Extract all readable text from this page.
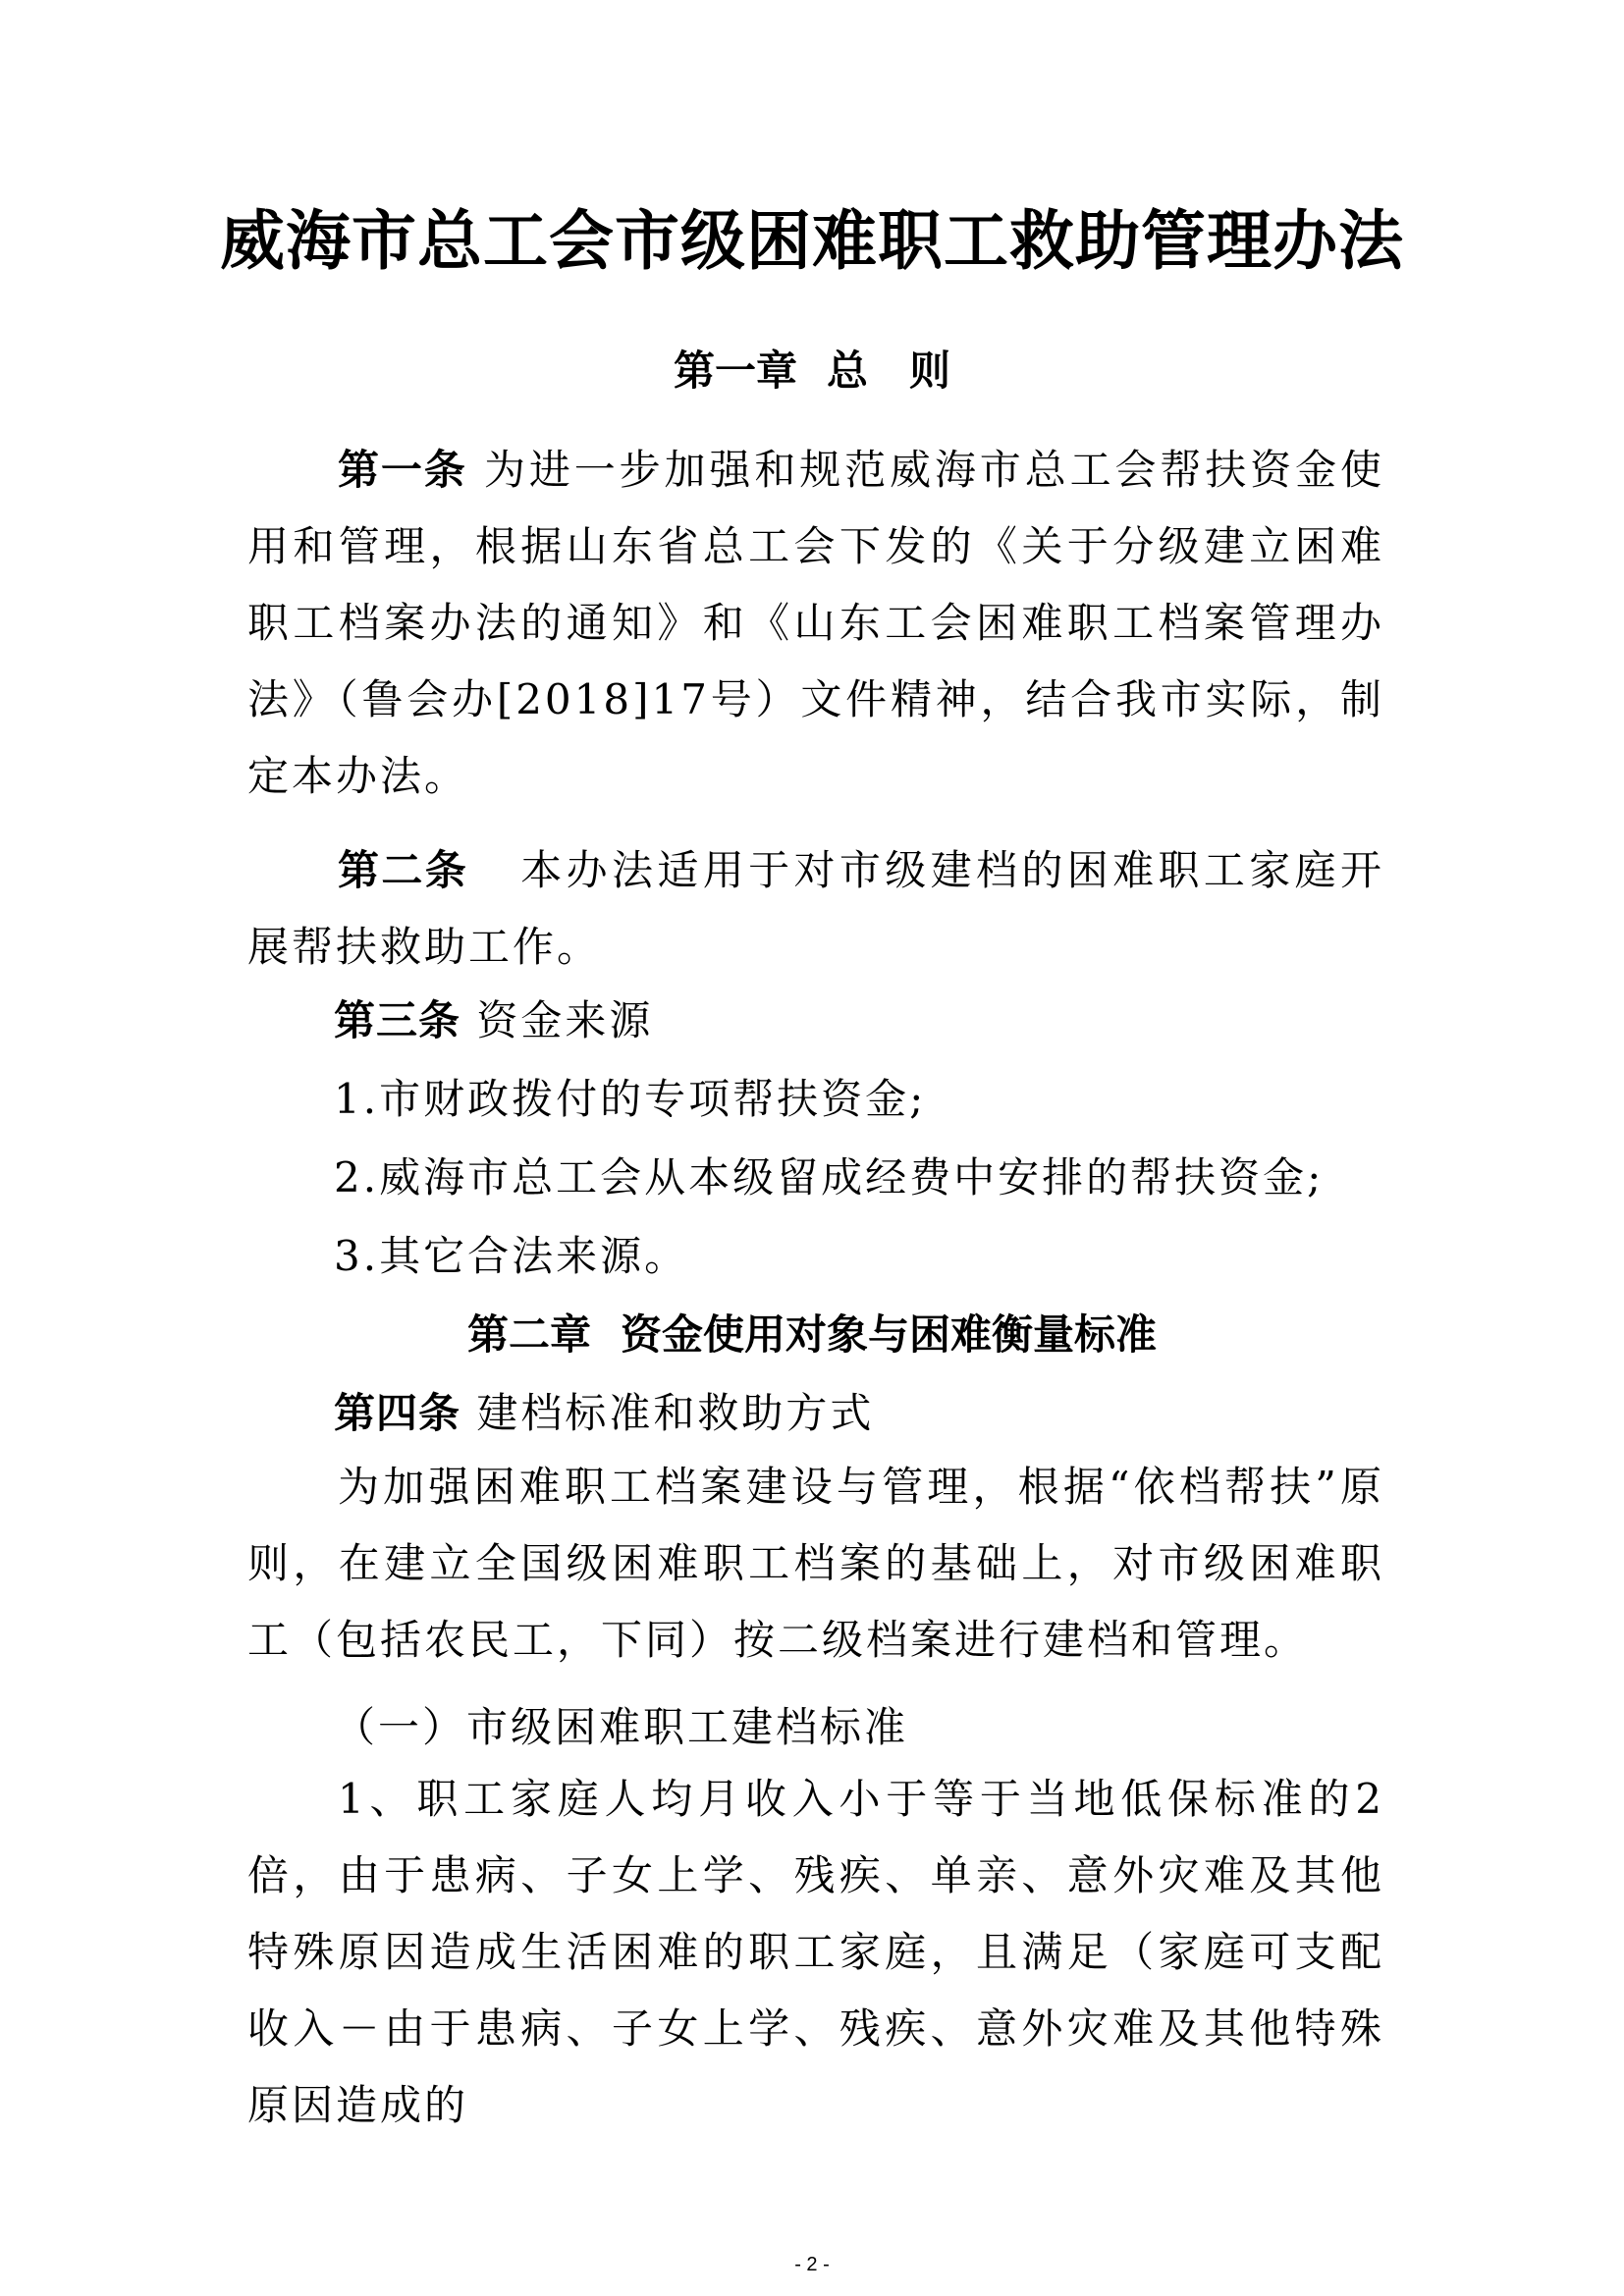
威海市总工会市级困难职工救助管理办法
第一章 总　则
第一条 为进一步加强和规范威海市总工会帮扶资金使用和管理，根据山东省总工会下发的《关于分级建立困难职工档案办法的通知》和《山东工会困难职工档案管理办法》（鲁会办[2018]17号）文件精神，结合我市实际，制定本办法。
第二条 本办法适用于对市级建档的困难职工家庭开展帮扶救助工作。
第三条 资金来源
1.市财政拨付的专项帮扶资金;
2.威海市总工会从本级留成经费中安排的帮扶资金;
3.其它合法来源。
第二章 资金使用对象与困难衡量标准
第四条 建档标准和救助方式
为加强困难职工档案建设与管理，根据“依档帮扶”原则，在建立全国级困难职工档案的基础上，对市级困难职工（包括农民工，下同）按二级档案进行建档和管理。
（一）市级困难职工建档标准
1、职工家庭人均月收入小于等于当地低保标准的2倍，由于患病、子女上学、残疾、单亲、意外灾难及其他特殊原因造成生活困难的职工家庭，且满足（家庭可支配收入－由于患病、子女上学、残疾、意外灾难及其他特殊原因造成的
- 2 -
